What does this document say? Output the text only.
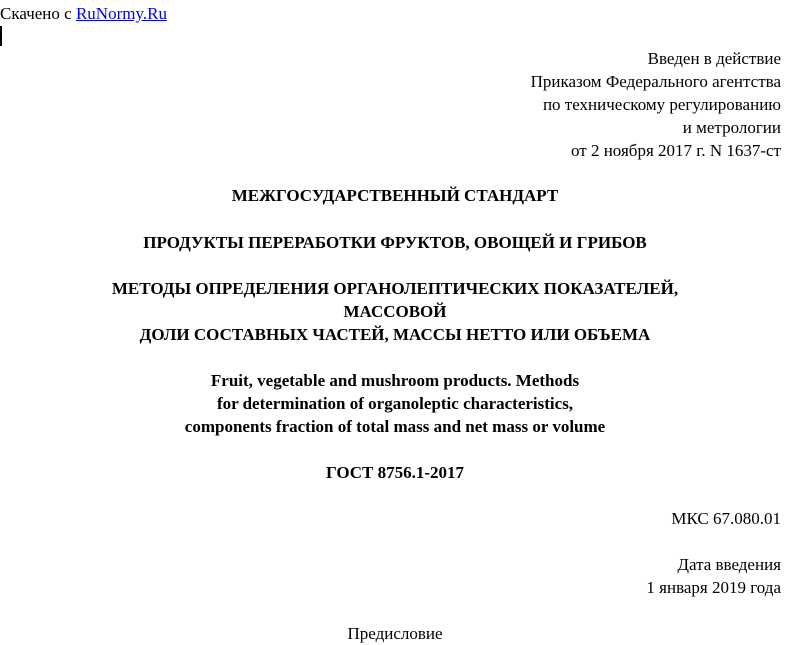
Скачено с RuNormy.Ru
Введен в действие
Приказом Федерального агентства
по техническому регулированию
и метрологии
от 2 ноября 2017 г. N 1637-ст
МЕЖГОСУДАРСТВЕННЫЙ СТАНДАРТ
ПРОДУКТЫ ПЕРЕРАБОТКИ ФРУКТОВ, ОВОЩЕЙ И ГРИБОВ
МЕТОДЫ ОПРЕДЕЛЕНИЯ ОРГАНОЛЕПТИЧЕСКИХ ПОКАЗАТЕЛЕЙ,
МАССОВОЙ
ДОЛИ СОСТАВНЫХ ЧАСТЕЙ, МАССЫ НЕТТО ИЛИ ОБЪЕМА
Fruit, vegetable and mushroom products. Methods
for determination of organoleptic characteristics,
components fraction of total mass and net mass or volume
ГОСТ 8756.1-2017
МКС 67.080.01
Дата введения
1 января 2019 года
Предисловие
